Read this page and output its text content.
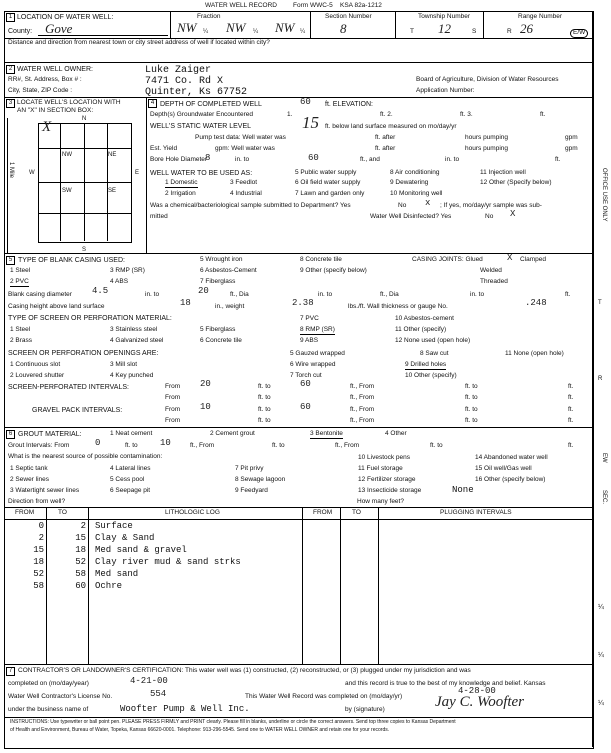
WATER WELL RECORD Form WWC-5 KSA 82a-1212
1 LOCATION OF WATER WELL:
County: Gove
Fraction
NW ¼ NW ¼ NW ¼
Section Number
8
Township Number
T 12	S
Range Number
R 26	E/W
Distance and direction from nearest town or city street address of well if located within city?
2 WATER WELL OWNER:
RR#, St. Address, Box # :
City, State, ZIP Code :
Luke Zaiger
7471 Co. Rd X
Quinter, Ks 67752
Board of Agriculture, Division of Water Resources
Application Number:
3 LOCATE WELL'S LOCATION WITH
AN "X" IN SECTION BOX:
1 Mile
N
S
W	E
X
NW	NE
SW	SE
4 DEPTH OF COMPLETED WELL	60 ft. ELEVATION:
Depth(s) Groundwater Encountered	1.	ft. 2.	ft. 3.	ft.
WELL'S STATIC WATER LEVEL	15 ft. below land surface measured on mo/day/yr
Pump test data: Well water was	ft. after	hours pumping	gpm
Est. Yield	gpm: Well water was	ft. after	hours pumping	gpm
Bore Hole Diameter
8	in. to	60	ft., and	in. to	ft.
WELL WATER TO BE USED AS:
1 Domestic
2 Irrigation
3 Feedlot
4 Industrial
5 Public water supply
6 Oil field water supply
7 Lawn and garden only
8 Air conditioning
9 Dewatering
10 Monitoring well
11 Injection well
12 Other (Specify below)
Was a chemical/bacteriological sample submitted to Department? Yes	No x ; If yes, mo/day/yr sample was sub-
mitted	Water Well Disinfected? Yes	No X
5 TYPE OF BLANK CASING USED:
1 Steel
2 PVC
3 RMP (SR)
4 ABS
5 Wrought iron
6 Asbestos-Cement
7 Fiberglass
8 Concrete tile
9 Other (specify below)
CASING JOINTS: Glued	X Clamped
Welded
Threaded
Blank casing diameter 4.5	in. to	20	ft., Dia	in. to	ft., Dia	in. to	ft.
Casing height above land surface	18	in., weight	2.38	lbs./ft. Wall thickness or gauge No.	.248
TYPE OF SCREEN OR PERFORATION MATERIAL:
1 Steel
2 Brass
3 Stainless steel
4 Galvanized steel
5 Fiberglass
6 Concrete tile
7 PVC
8 RMP (SR)
9 ABS
10 Asbestos-cement
11 Other (specify)
12 None used (open hole)
SCREEN OR PERFORATION OPENINGS ARE:
1 Continuous slot
2 Louvered shutter
3 Mill slot
4 Key punched
5 Gauzed wrapped
6 Wire wrapped
7 Torch cut
8 Saw cut
9 Drilled holes
10 Other (specify)
11 None (open hole)
SCREEN-PERFORATED INTERVALS:	From 20	ft. to	60	ft., From	ft. to	ft.
From	ft. to	ft., From	ft. to	ft.
GRAVEL PACK INTERVALS:	From 10	ft. to	60	ft., From	ft. to	ft.
From	ft. to	ft., From	ft. to	ft.
6 GROUT MATERIAL:	1 Neat cement	2 Cement grout	3 Bentonite	4 Other
Grout Intervals: From	0	ft. to 10	ft., From	ft. to	ft., From	ft. to	ft.
What is the nearest source of possible contamination:
1 Septic tank
2 Sewer lines
3 Watertight sewer lines
4 Lateral lines
5 Cess pool
6 Seepage pit
7 Pit privy
8 Sewage lagoon
9 Feedyard
10 Livestock pens
11 Fuel storage
12 Fertilizer storage
13 Insecticide storage
14 Abandoned water well
15 Oil well/Gas well
16 Other (specify below)
None
Direction from well?	How many feet?
FROM	TO	LITHOLOGIC LOG	FROM	TO	PLUGGING INTERVALS
0	2 Surface
2	15 Clay & Sand
15	18 Med sand & gravel
18	52 Clay river mud & sand strks
52	58 Med sand
58	60 Ochre
7 CONTRACTOR'S OR LANDOWNER'S CERTIFICATION: This water well was (1) constructed, (2) reconstructed, or (3) plugged under my jurisdiction and was
completed on (mo/day/year)	4-21-00	and this record is true to the best of my knowledge and belief. Kansas
Water Well Contractor's License No.	554	This Water Well Record was completed on (mo/day/yr)
4-28-00
under the business name of	Woofter Pump & Well Inc.	by (signature)	Jay C. Woofter
INSTRUCTIONS: Use typewriter or ball point pen. PLEASE PRESS FIRMLY and PRINT clearly. Please fill in blanks, underline or circle the correct answers. Send top three copies to Kansas Department
of Health and Environment, Bureau of Water, Topeka, Kansas 66620-0001. Telephone: 913-296-5545. Send one to WATER WELL OWNER and retain one for your records.
OFFICE USE ONLY
T
R
EW
SEC.
¼
¼
¼
